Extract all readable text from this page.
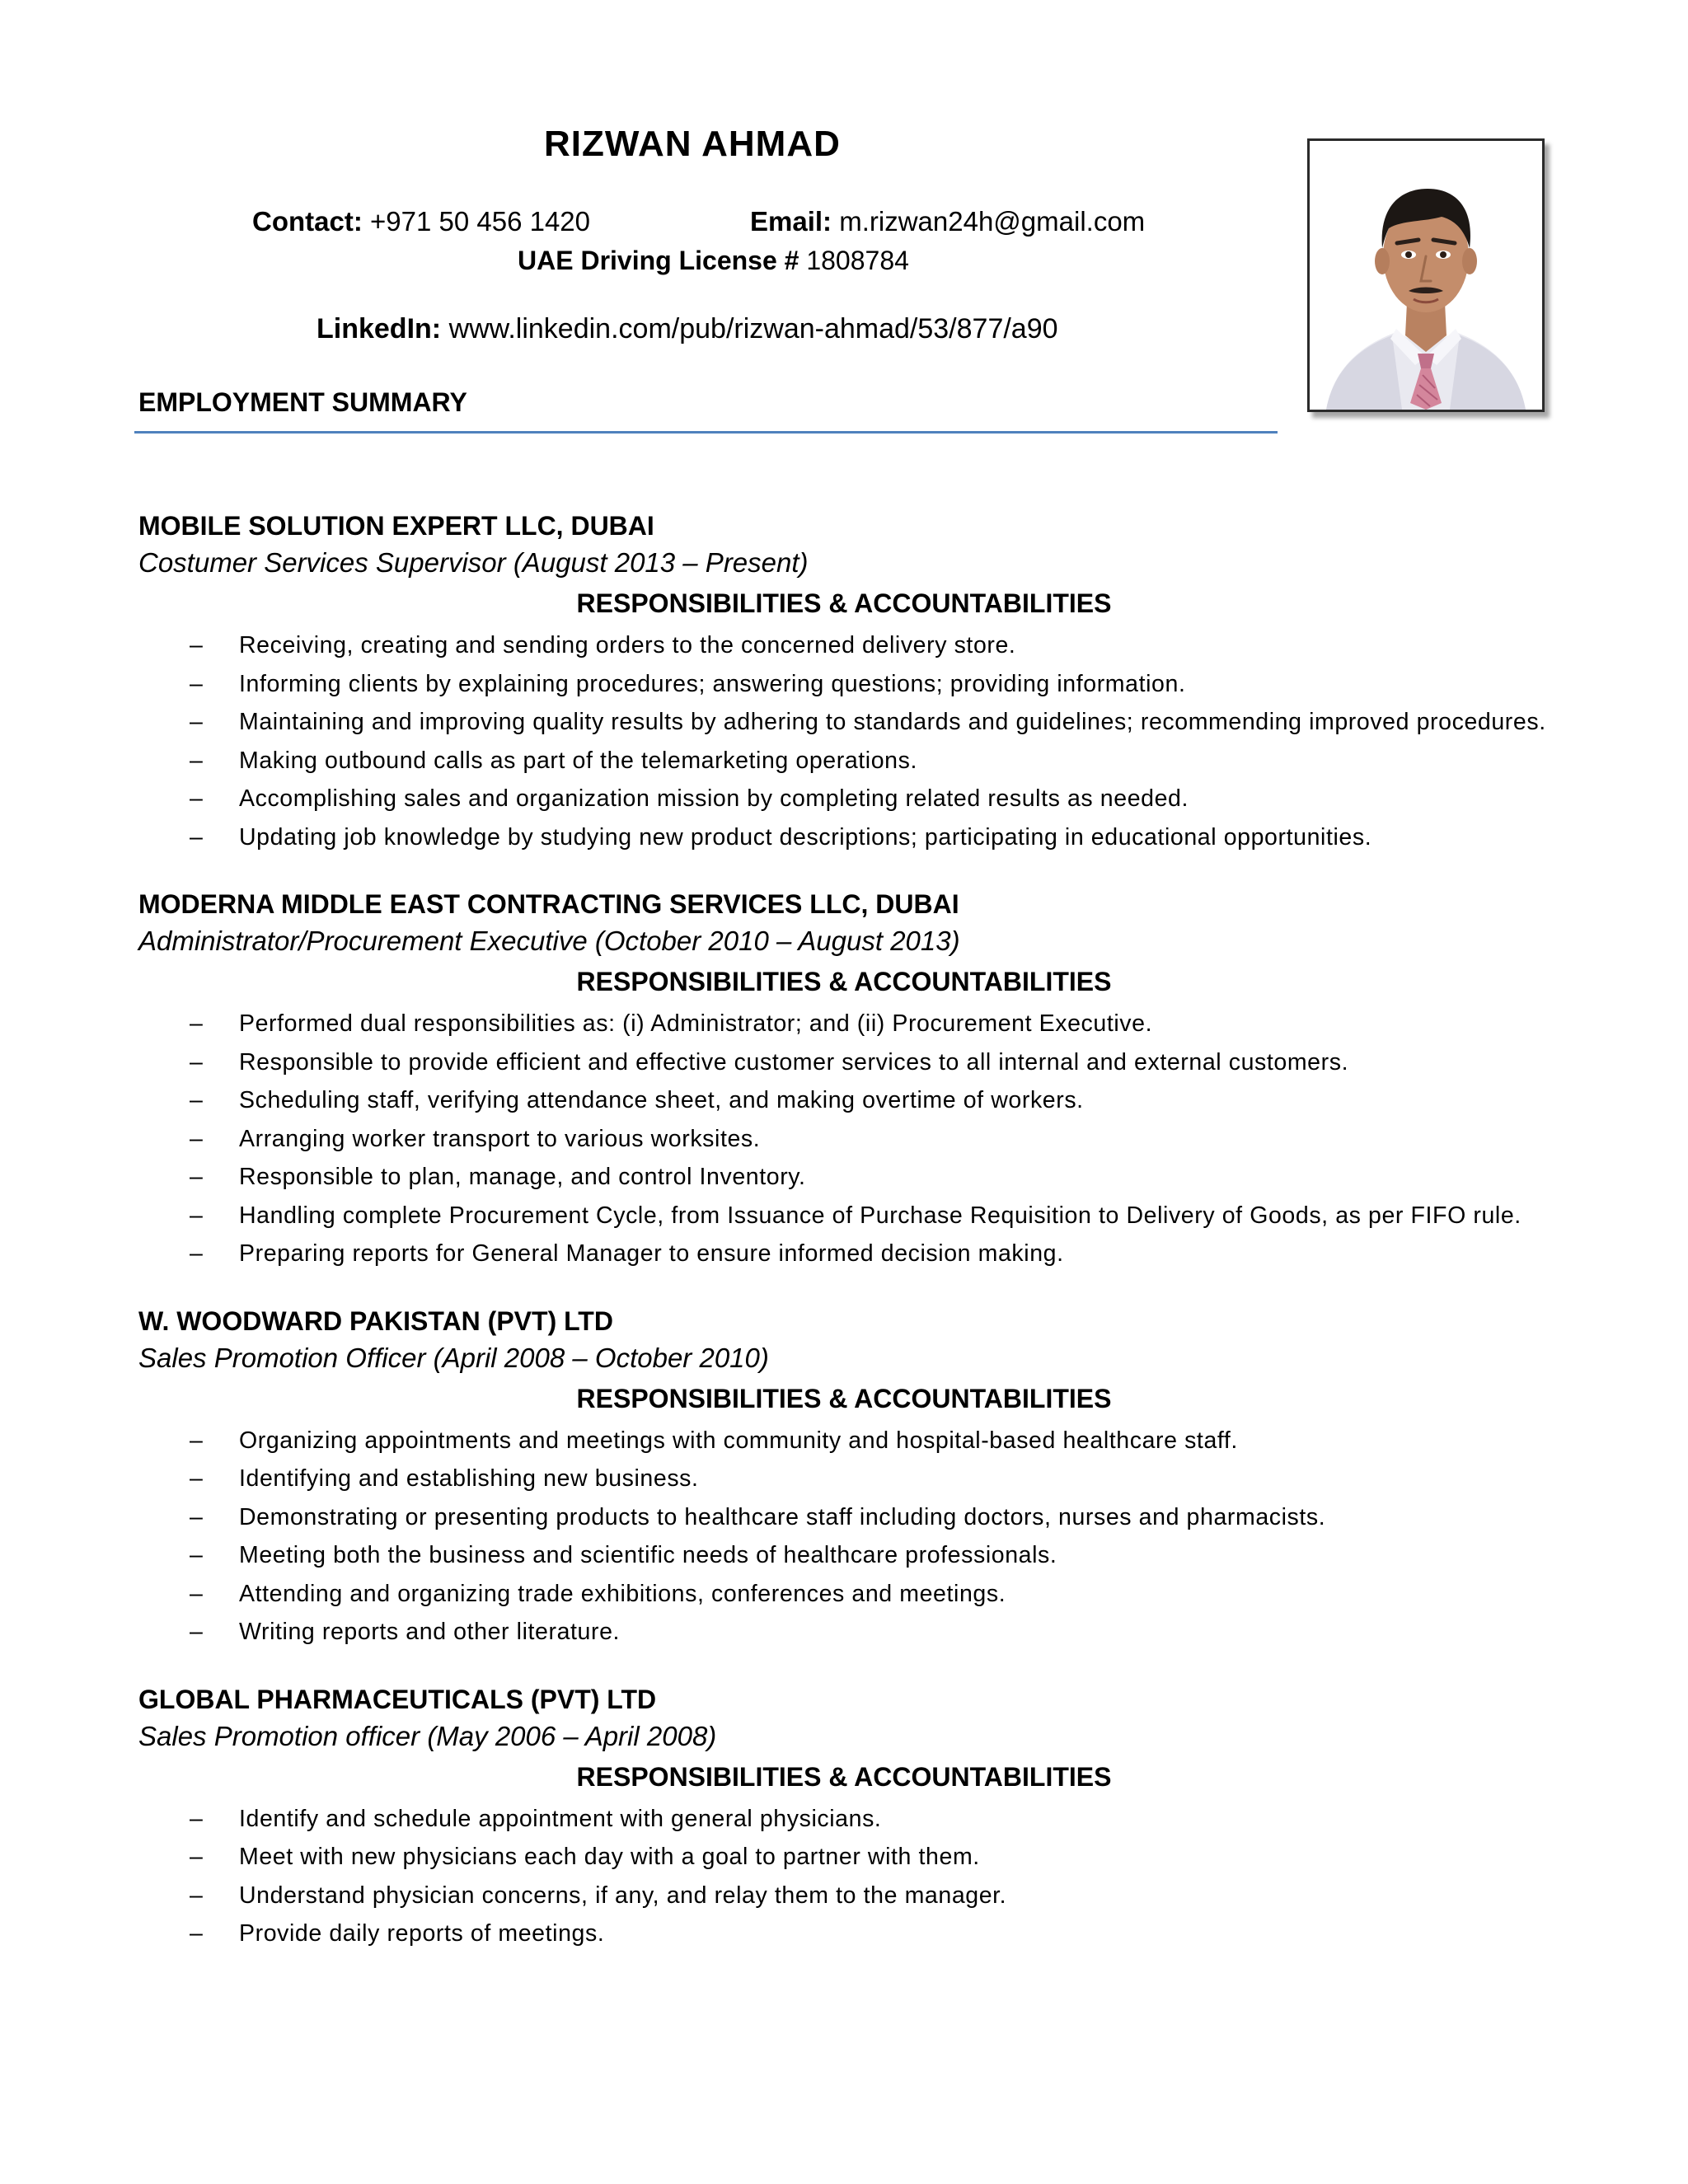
RIZWAN AHMAD
Contact: +971 50 456 1420	Email: m.rizwan24h@gmail.com
UAE Driving License # 1808784
LinkedIn: www.linkedin.com/pub/rizwan-ahmad/53/877/a90
EMPLOYMENT SUMMARY
MOBILE SOLUTION EXPERT LLC, DUBAI
Costumer Services Supervisor (August 2013 – Present)
RESPONSIBILITIES & ACCOUNTABILITIES
– Receiving, creating and sending orders to the concerned delivery store.
– Informing clients by explaining procedures; answering questions; providing information.
– Maintaining and improving quality results by adhering to standards and guidelines; recommending improved procedures.
– Making outbound calls as part of the telemarketing operations.
– Accomplishing sales and organization mission by completing related results as needed.
– Updating job knowledge by studying new product descriptions; participating in educational opportunities.
MODERNA MIDDLE EAST CONTRACTING SERVICES LLC, DUBAI
Administrator/Procurement Executive (October 2010 – August 2013)
RESPONSIBILITIES & ACCOUNTABILITIES
– Performed dual responsibilities as: (i) Administrator; and (ii) Procurement Executive.
– Responsible to provide efficient and effective customer services to all internal and external customers.
– Scheduling staff, verifying attendance sheet, and making overtime of workers.
– Arranging worker transport to various worksites.
– Responsible to plan, manage, and control Inventory.
– Handling complete Procurement Cycle, from Issuance of Purchase Requisition to Delivery of Goods, as per FIFO rule.
– Preparing reports for General Manager to ensure informed decision making.
W. WOODWARD PAKISTAN (PVT) LTD
Sales Promotion Officer (April 2008 – October 2010)
RESPONSIBILITIES & ACCOUNTABILITIES
– Organizing appointments and meetings with community and hospital-based healthcare staff.
– Identifying and establishing new business.
– Demonstrating or presenting products to healthcare staff including doctors, nurses and pharmacists.
– Meeting both the business and scientific needs of healthcare professionals.
– Attending and organizing trade exhibitions, conferences and meetings.
– Writing reports and other literature.
GLOBAL PHARMACEUTICALS (PVT) LTD
Sales Promotion officer (May 2006 – April 2008)
RESPONSIBILITIES & ACCOUNTABILITIES
– Identify and schedule appointment with general physicians.
– Meet with new physicians each day with a goal to partner with them.
– Understand physician concerns, if any, and relay them to the manager.
– Provide daily reports of meetings.
